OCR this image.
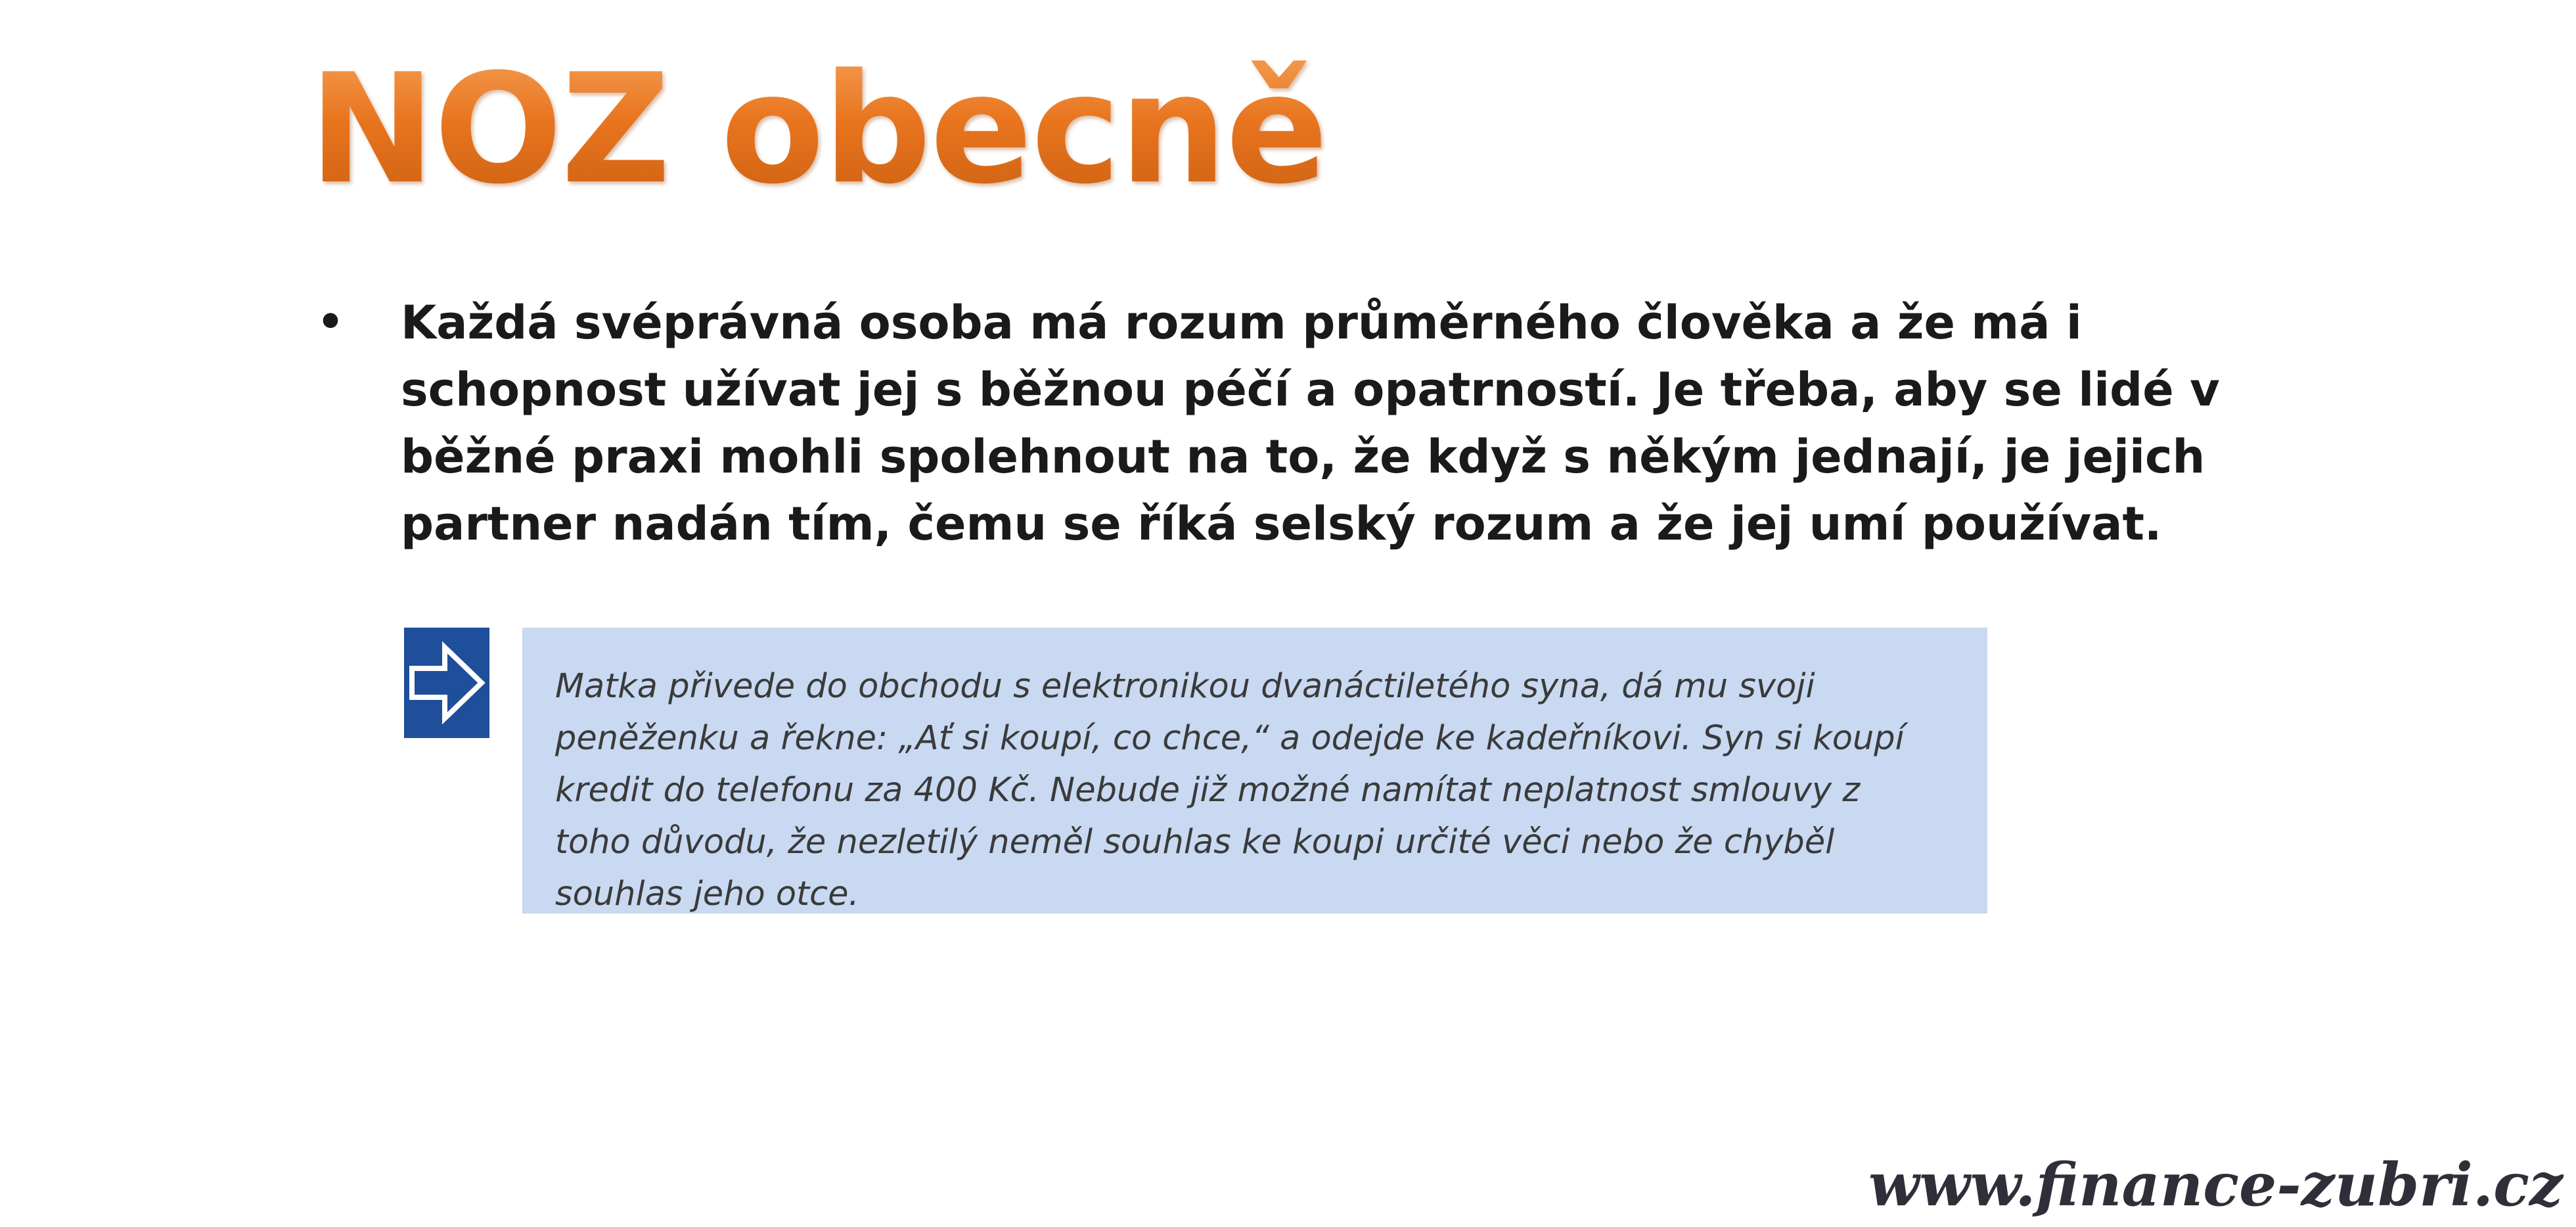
NOZ obecně
• Každá svéprávná osoba má rozum průměrného člověka a že má i schopnost užívat jej s běžnou péčí a opatrností. Je třeba, aby se lidé v běžné praxi mohli spolehnout na to, že když s někým jednají, je jejich partner nadán tím, čemu se říká selský rozum a že jej umí používat.

Matka přivede do obchodu s elektronikou dvanáctiletého syna, dá mu svoji peněženku a řekne: „Ať si koupí, co chce,“ a odejde ke kadeřníkovi. Syn si koupí kredit do telefonu za 400 Kč. Nebude již možné namítat neplatnost smlouvy z toho důvodu, že nezletilý neměl souhlas ke koupi určité věci nebo že chyběl souhlas jeho otce.

www.finance-zubri.cz
